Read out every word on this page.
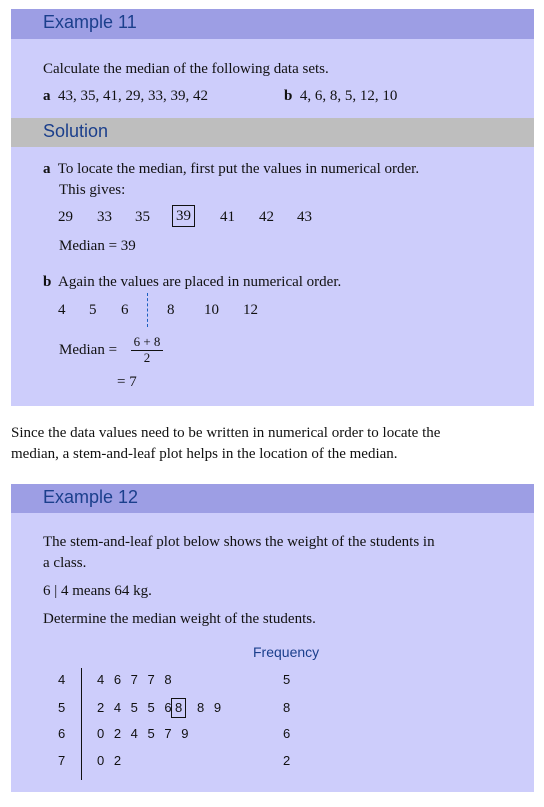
Example 11
Calculate the median of the following data sets.
a 43, 35, 41, 29, 33, 39, 42	b 4, 6, 8, 5, 12, 10
Solution
a To locate the median, first put the values in numerical order.
This gives:
29 33 35 39 41 42 43
Median = 39
b Again the values are placed in numerical order.
4 5 6	8 10 12
Median =
6 + 8
2
= 7
Since the data values need to be written in numerical order to locate the
median, a stem-and-leaf plot helps in the location of the median.
Example 12
The stem-and-leaf plot below shows the weight of the students in
a class.
6 | 4 means 64 kg.
Determine the median weight of the students.
Frequency
4 4 6 7 7 8	5
5 2 4 5 5 6 8 8 9	8
6 0 2 4 5 7 9	6
7 0 2	2
